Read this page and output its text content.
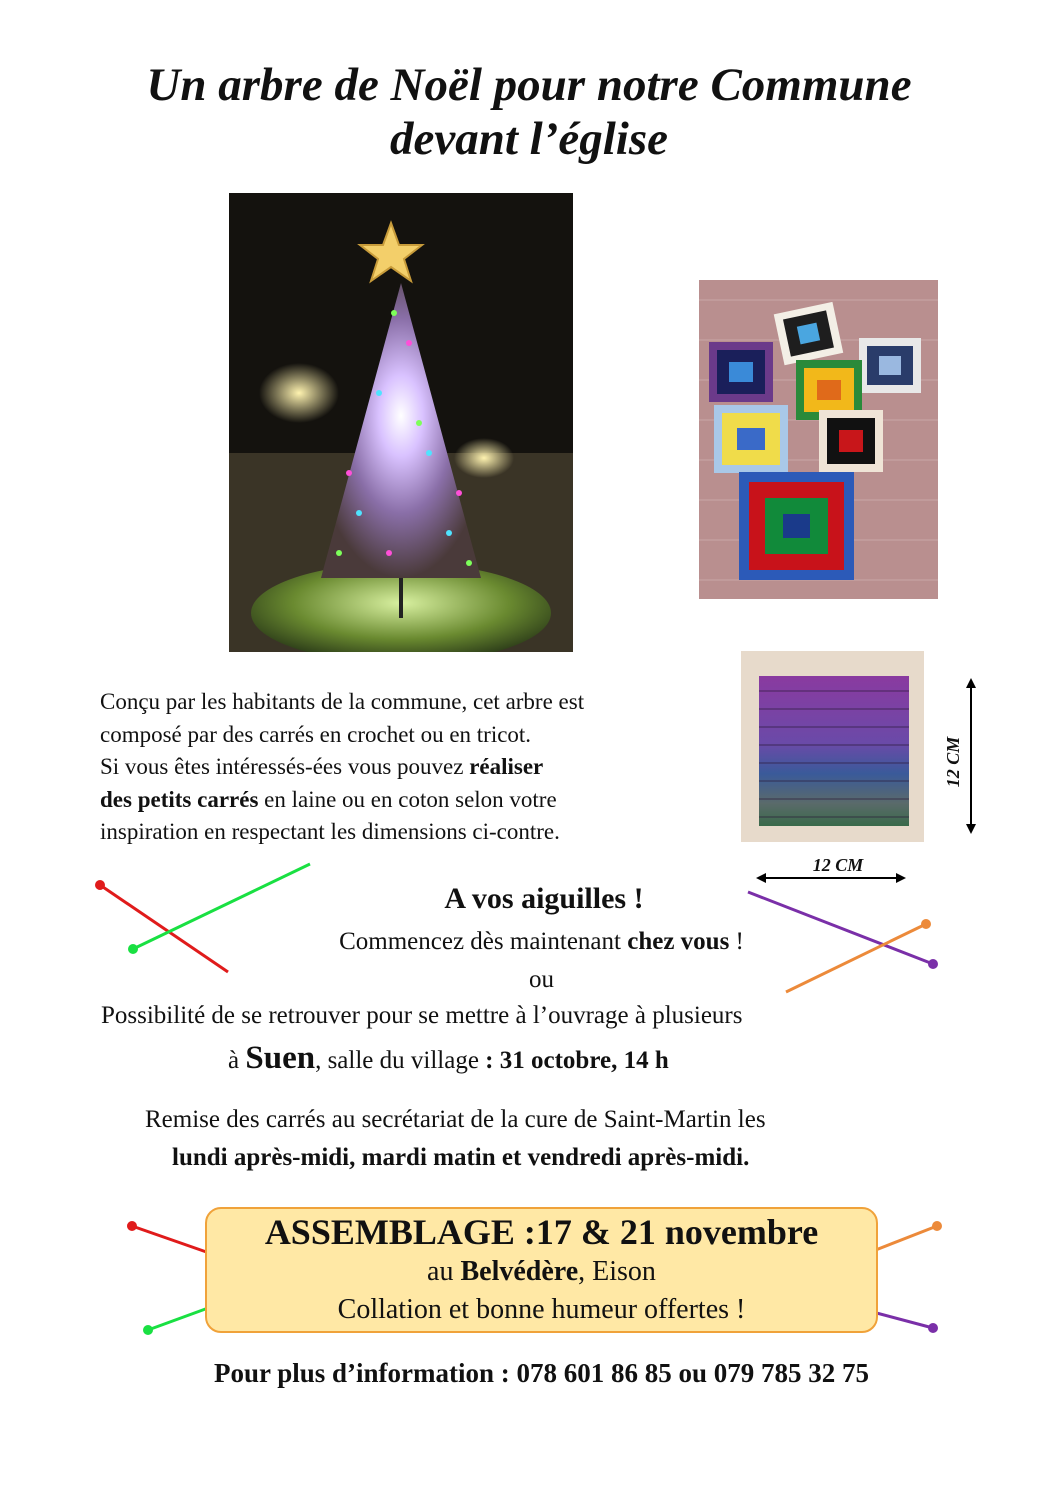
Un arbre de Noël pour notre Commune
devant l’église
12 CM
12 CM
Conçu par les habitants de la commune, cet arbre est
composé par des carrés en crochet ou en tricot.
Si vous êtes intéressés-ées vous pouvez réaliser
des petits carrés en laine ou en coton selon votre
inspiration en respectant les dimensions ci-contre.
A vos aiguilles !
Commencez dès maintenant chez vous !
ou
Possibilité de se retrouver pour se mettre à l’ouvrage à plusieurs
à Suen, salle du village : 31 octobre, 14 h
Remise des carrés au secrétariat de la cure de Saint-Martin les
lundi après-midi, mardi matin et vendredi après-midi.
ASSEMBLAGE :17 & 21 novembre
au Belvédère, Eison
Collation et bonne humeur offertes !
Pour plus d’information : 078 601 86 85 ou 079 785 32 75
